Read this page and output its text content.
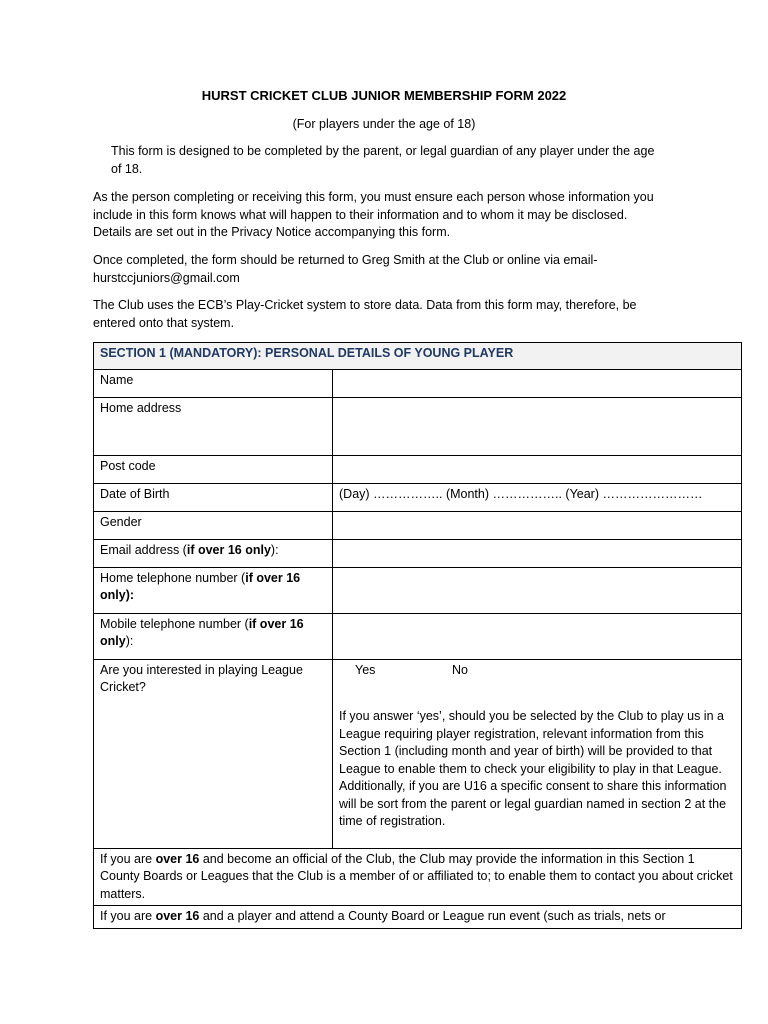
HURST CRICKET CLUB JUNIOR MEMBERSHIP FORM 2022
(For players under the age of 18)
This form is designed to be completed by the parent, or legal guardian of any player under the age of 18.
As the person completing or receiving this form, you must ensure each person whose information you include in this form knows what will happen to their information and to whom it may be disclosed. Details are set out in the Privacy Notice accompanying this form.
Once completed, the form should be returned to Greg Smith at the Club or online via email- hurstccjuniors@gmail.com
The Club uses the ECB’s Play-Cricket system to store data. Data from this form may, therefore, be entered onto that system.
SECTION 1 (MANDATORY): PERSONAL DETAILS OF YOUNG PLAYER	
Name	
Home address	
Post code	
Date of Birth	(Day) …………….. (Month) …………….. (Year) ……………………
Gender	
Email address (if over 16 only):	
Home telephone number (if over 16 only):	
Mobile telephone number (if over 16 only):	
Are you interested in playing League Cricket?	Yes No
If you answer ‘yes’, should you be selected by the Club to play us in a League requiring player registration, relevant information from this Section 1 (including month and year of birth) will be provided to that League to enable them to check your eligibility to play in that League. Additionally, if you are U16 a specific consent to share this information will be sort from the parent or legal guardian named in section 2 at the time of registration.

If you are over 16 and become an official of the Club, the Club may provide the information in this Section 1 County Boards or Leagues that the Club is a member of or affiliated to; to enable them to contact you about cricket matters.	
If you are over 16 and a player and attend a County Board or League run event (such as trials, nets or	
